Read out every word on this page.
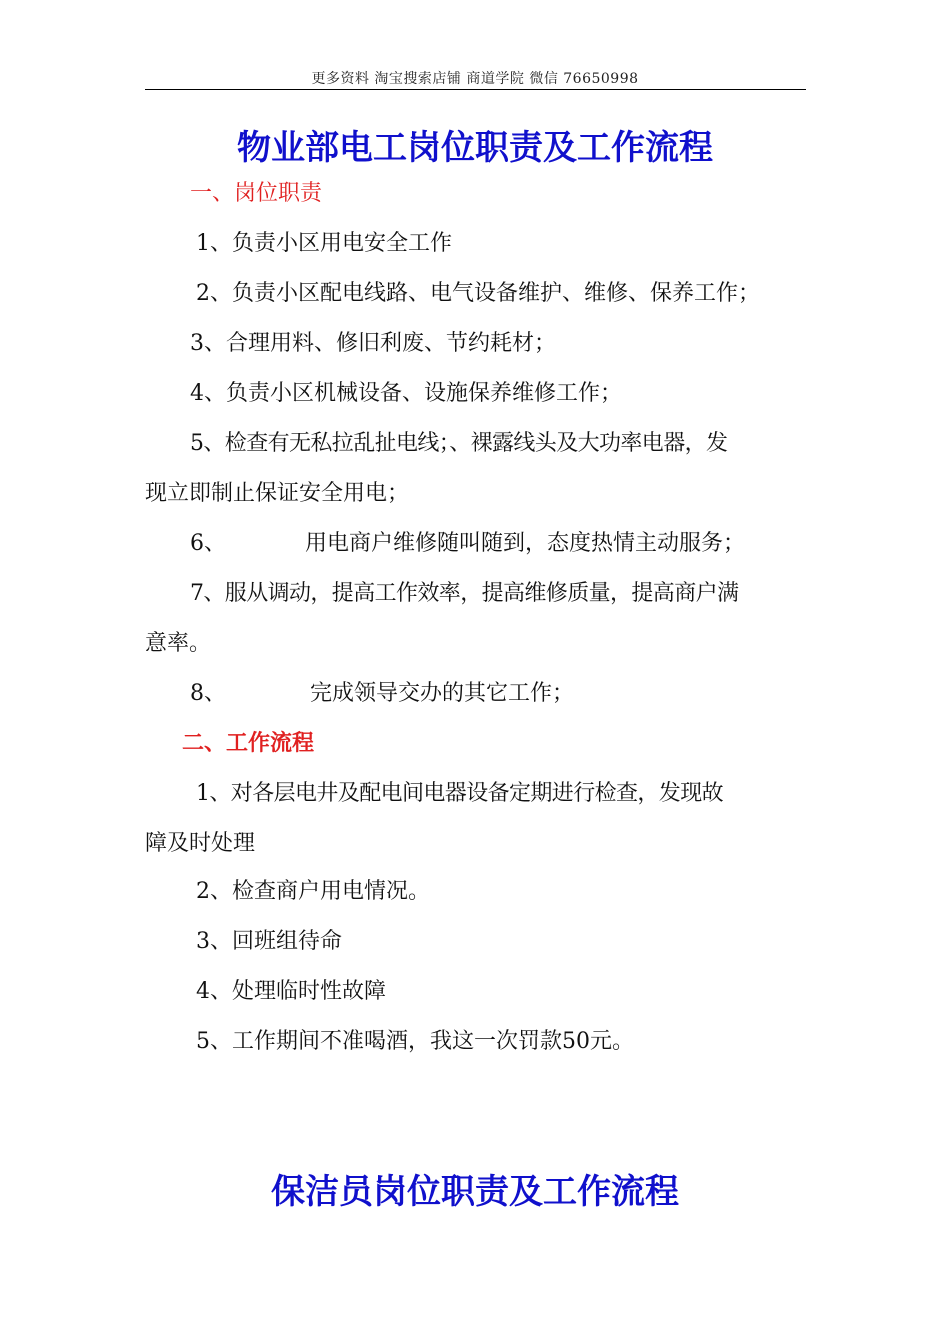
更多资料 淘宝搜索店铺 商道学院 微信 76650998
物业部电工岗位职责及工作流程
一、岗位职责
1、负责小区用电安全工作
2、负责小区配电线路、电气设备维护、维修、保养工作；
3、合理用料、修旧利废、节约耗材；
4、负责小区机械设备、设施保养维修工作；
5、检查有无私拉乱扯电线；、裸露线头及大功率电器，发
现立即制止保证安全用电；
6、	用电商户维修随叫随到，态度热情主动服务；
7、服从调动，提高工作效率，提高维修质量，提高商户满
意率。
8、	完成领导交办的其它工作；
二、工作流程
1、对各层电井及配电间电器设备定期进行检查，发现故
障及时处理
2、检查商户用电情况。
3、回班组待命
4、处理临时性故障
5、工作期间不准喝酒，我这一次罚款50元。
保洁员岗位职责及工作流程
